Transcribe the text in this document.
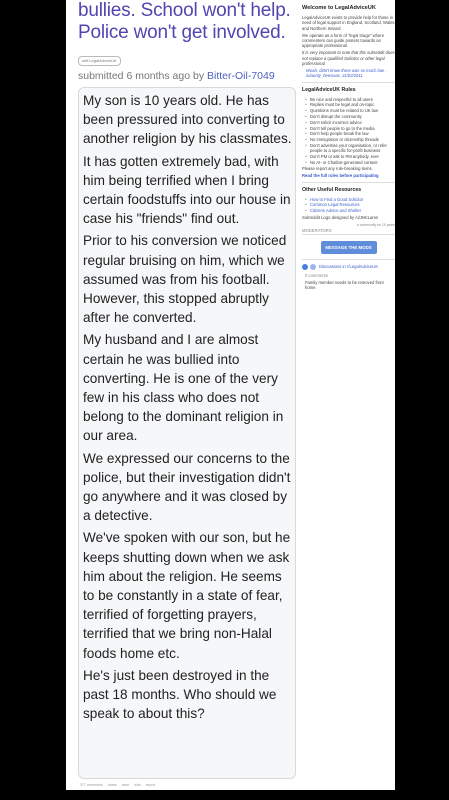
bullies. School won't help. Police won't get involved.
self.LegalAdviceUK
submitted 6 months ago by Bitter-Oil-7049

My son is 10 years old. He has been pressured into converting to another religion by his classmates.

It has gotten extremely bad, with him being terrified when I bring certain foodstuffs into our house in case his "friends" find out.

Prior to his conversion we noticed regular bruising on him, which we assumed was from his football. However, this stopped abruptly after he converted.

My husband and I are almost certain he was bullied into converting. He is one of the very few in his class who does not belong to the dominant religion in our area.

We expressed our concerns to the police, but their investigation didn't go anywhere and it was closed by a detective.

We've spoken with our son, but he keeps shutting down when we ask him about the religion. He seems to be constantly in a state of fear, terrified of forgetting prayers, terrified that we bring non-Halal foods home etc.

He's just been destroyed in the past 18 months. Who should we speak to about this?

377 comments share save hide report
Welcome to LegalAdviceUK
LegalAdviceUK exists to provide help for those in need of legal support in England, Scotland, Wales and Northern Ireland.
We operate as a form of "legal triage" where commenters can guide posters towards an appropriate professional.
It is very important to note that this subreddit does not replace a qualified Solicitor or other legal professional.
Woah, didn't know there was so much law. - /u/aunty_beeswax, 21/02/2011
LegalAdviceUK Rules
• Be nice and respectful to all users
• Replies must be legal and on-topic
• Questions must be related to UK law
• Don't disrupt the community
• Don't solicit incorrect advice
• Don't tell people to go to the media
• Don't help people break the law
• No immigration or citizenship threads
• Don't advertise your organisation, or refer people to a specific for-profit business
• Don't PM or ask to PM anybody, ever
• No AI- or Chatbot-generated content
Please report any rule-breaking items.
Read the full rules before participating
Other Useful Resources
• How to Find a Good Solicitor
• Common Legal Resources
• Citizens Advice and Shelter
Subreddit Logo designed by /u/JMcLaren
a community for 15 years
MODERATORS
MESSAGE THE MODS
Discussions in r/LegalAdviceUK
0 comments
Family member needs to be removed from home.
